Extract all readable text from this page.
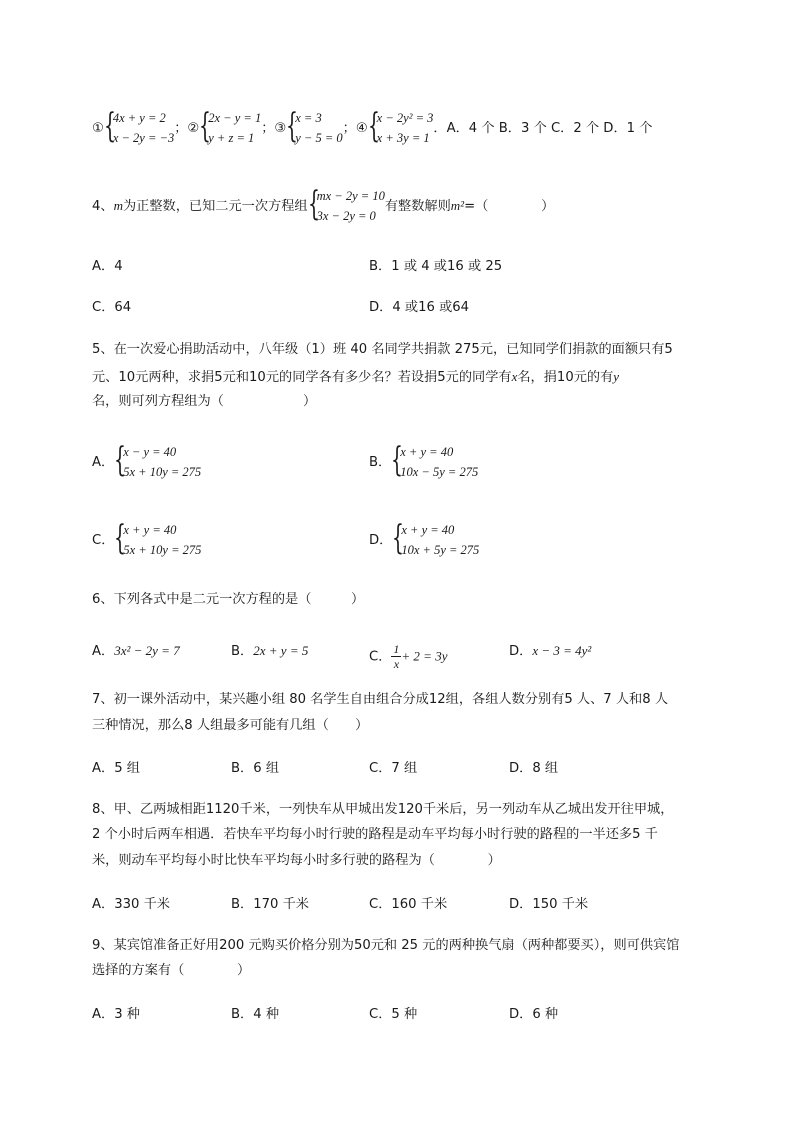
① {
4x + y = 2
x − 2y = −3
；② {
2x − y = 1
y + z = 1
；③ {
x = 3
y − 5 = 0
；④ {
x − 2y² = 3
x + 3y = 1
．A．4 个 B．3 个 C．2 个 D．1 个
4、m为正整数，已知二元一次方程组 {
mx − 2y = 10
3x − 2y = 0
有整数解则m²=（　　　　）
A．4	B．1 或 4 或16 或 25
C．64	D．4 或16 或64
5、在一次爱心捐助活动中，八年级（1）班 40 名同学共捐款 275元，已知同学们捐款的面额只有5
元、10元两种，求捐5元和10元的同学各有多少名？若设捐5元的同学有x名，捐10元的有y
名，则可列方程组为（　　　　　　）
A． {
x − y = 40
5x + 10y = 275
B． {
x + y = 40
10x − 5y = 275
C． {
x + y = 40
5x + 10y = 275
D． {
x + y = 40
10x + 5y = 275
6、下列各式中是二元一次方程的是（　　　）
A．3x² − 2y = 7	B．2x + y = 5	C． $\frac{1}{x} + 2 = 3y$	D．x − 3 = 4y²
7、初一课外活动中，某兴趣小组 80 名学生自由组合分成12组，各组人数分别有5 人、7 人和8 人
三种情况，那么8 人组最多可能有几组（　　）
A．5 组	B．6 组	C．7 组	D．8 组
8、甲、乙两城相距1120千米，一列快车从甲城出发120千米后，另一列动车从乙城出发开往甲城，
2 个小时后两车相遇．若快车平均每小时行驶的路程是动车平均每小时行驶的路程的一半还多5 千
米，则动车平均每小时比快车平均每小时多行驶的路程为（　　　　）
A．330 千米	B．170 千米	C．160 千米	D．150 千米
9、某宾馆准备正好用200 元购买价格分别为50元和 25 元的两种换气扇（两种都要买），则可供宾馆
选择的方案有（　　　　）
A．3 种	B．4 种	C．5 种	D．6 种
